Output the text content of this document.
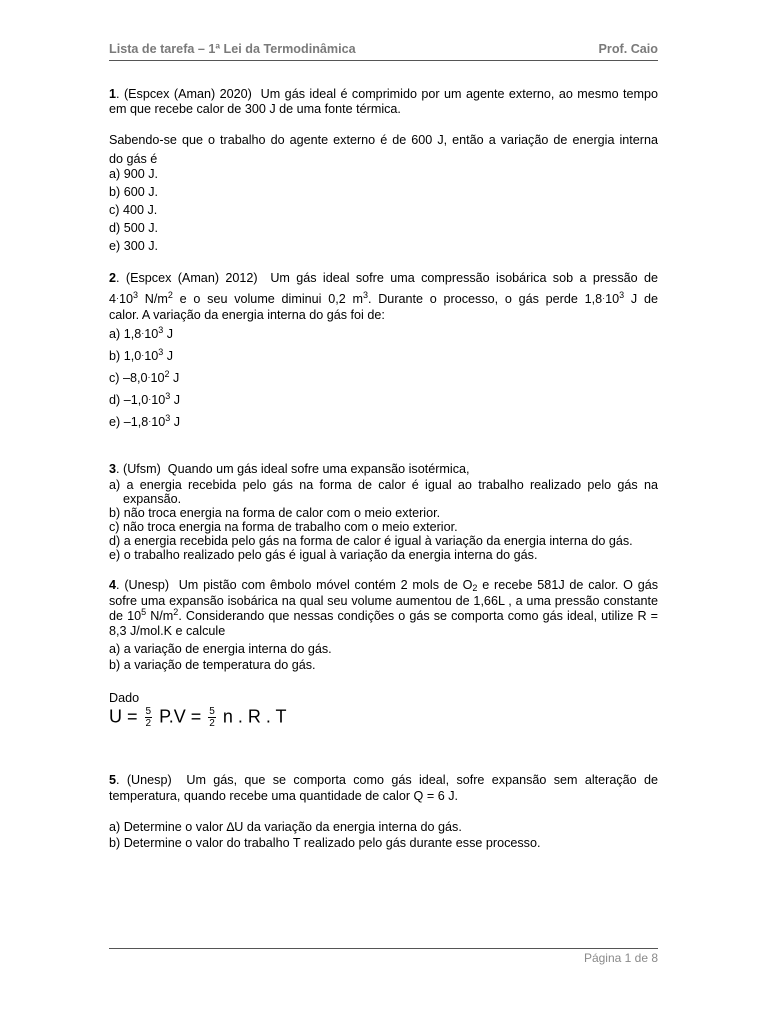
Lista de tarefa – 1ª Lei da Termodinâmica	Prof. Caio
1. (Espcex (Aman) 2020) Um gás ideal é comprimido por um agente externo, ao mesmo tempo
em que recebe calor de 300 J de uma fonte térmica.
Sabendo-se que o trabalho do agente externo é de 600 J, então a variação de energia interna
do gás é
a) 900 J.
b) 600 J.
c) 400 J.
d) 500 J.
e) 300 J.
2. (Espcex (Aman) 2012) Um gás ideal sofre uma compressão isobárica sob a pressão de
$4\cdot 10^3$ $N/m^2$ e o seu volume diminui 0,2 $m^3$. Durante o processo, o gás perde $1,8\cdot 10^3$ J de
calor. A variação da energia interna do gás foi de:
a) $1,8\cdot 10^3$ J
b) $1,0\cdot 10^3$ J
c) $-8,0\cdot 10^2$ J
d) $-1,0\cdot 10^3$ J
e) $-1,8\cdot 10^3$ J
3. (Ufsm) Quando um gás ideal sofre uma expansão isotérmica,
a) a energia recebida pelo gás na forma de calor é igual ao trabalho realizado pelo gás na
expansão.
b) não troca energia na forma de calor com o meio exterior.
c) não troca energia na forma de trabalho com o meio exterior.
d) a energia recebida pelo gás na forma de calor é igual à variação da energia interna do gás.
e) o trabalho realizado pelo gás é igual à variação da energia interna do gás.
4. (Unesp) Um pistão com êmbolo móvel contém 2 mols de $O_2$ e recebe 581J de calor. O gás
sofre uma expansão isobárica na qual seu volume aumentou de 1,66L , a uma pressão constante
de $10^5$ $N/m^2$. Considerando que nessas condições o gás se comporta como gás ideal, utilize R =
8,3 J/mol.K e calcule
a) a variação de energia interna do gás.
b) a variação de temperatura do gás.
Dado
$U = \frac{5}{2} P.V = \frac{5}{2}$ n . R . T
5. (Unesp) Um gás, que se comporta como gás ideal, sofre expansão sem alteração de
temperatura, quando recebe uma quantidade de calor Q = 6 J.
a) Determine o valor ∆U da variação da energia interna do gás.
b) Determine o valor do trabalho T realizado pelo gás durante esse processo.
Página 1 de 8
